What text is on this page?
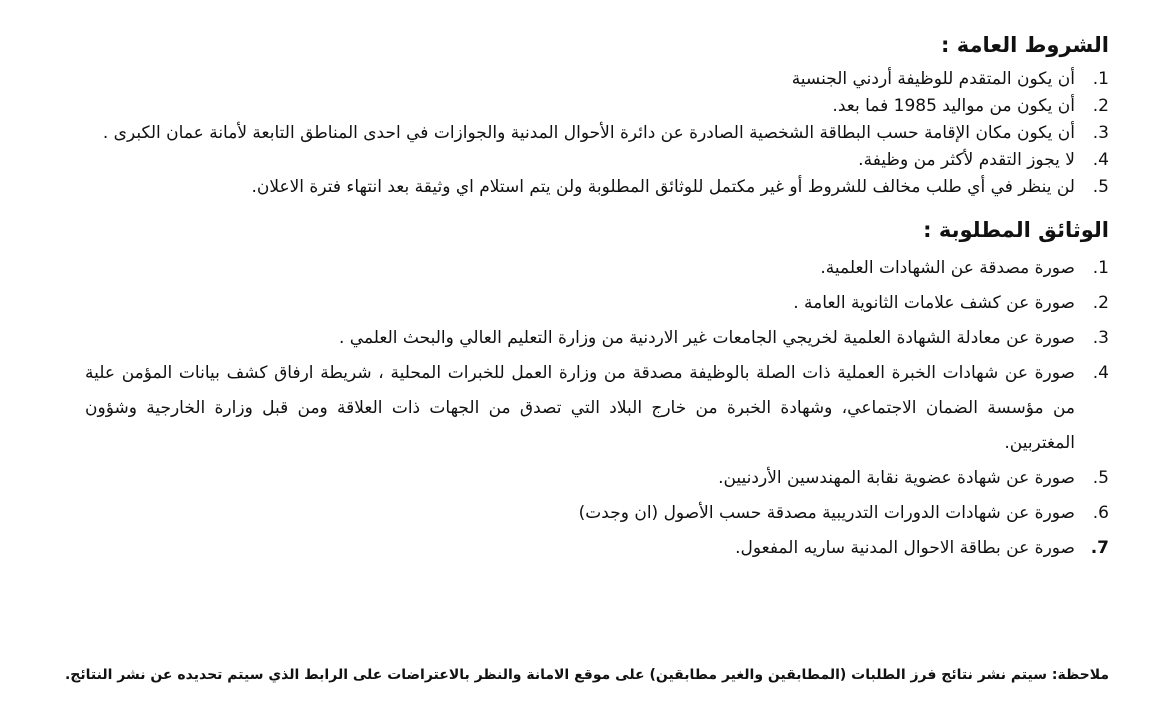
الشروط العامة :
.1
أن يكون المتقدم للوظيفة أردني الجنسية
.2
أن يكون من مواليد 1985 فما بعد.
.3
أن يكون مكان الإقامة حسب البطاقة الشخصية الصادرة عن دائرة الأحوال المدنية والجوازات في احدى المناطق التابعة لأمانة عمان الكبرى .
.4
لا يجوز التقدم لأكثر من وظيفة.
.5
لن ينظر في أي طلب مخالف للشروط أو غير مكتمل للوثائق المطلوبة ولن يتم استلام اي وثيقة بعد انتهاء فترة الاعلان.
الوثائق المطلوبة :
.1
صورة مصدقة عن الشهادات العلمية.
.2
صورة عن كشف علامات الثانوية العامة .
.3
صورة عن معادلة الشهادة العلمية لخريجي الجامعات غير الاردنية من وزارة التعليم العالي والبحث العلمي .
.4
صورة عن شهادات الخبرة العملية ذات الصلة بالوظيفة مصدقة من وزارة العمل للخبرات المحلية ، شريطة ارفاق كشف بيانات المؤمن علية من مؤسسة الضمان الاجتماعي، وشهادة الخبرة من خارج البلاد التي تصدق من الجهات ذات العلاقة ومن قبل وزارة الخارجية وشؤون المغتربين.
.5
صورة عن شهادة عضوية نقابة المهندسين الأردنيين.
.6
صورة عن شهادات الدورات التدريبية مصدقة حسب الأصول (ان وجدت)
.7
صورة عن بطاقة الاحوال المدنية ساريه المفعول.
ملاحظة: سيتم نشر نتائج فرز الطلبات (المطابقين والغير مطابقين) على موقع الامانة والنظر بالاعتراضات على الرابط الذي سيتم تحديده عن نشر النتائج.
